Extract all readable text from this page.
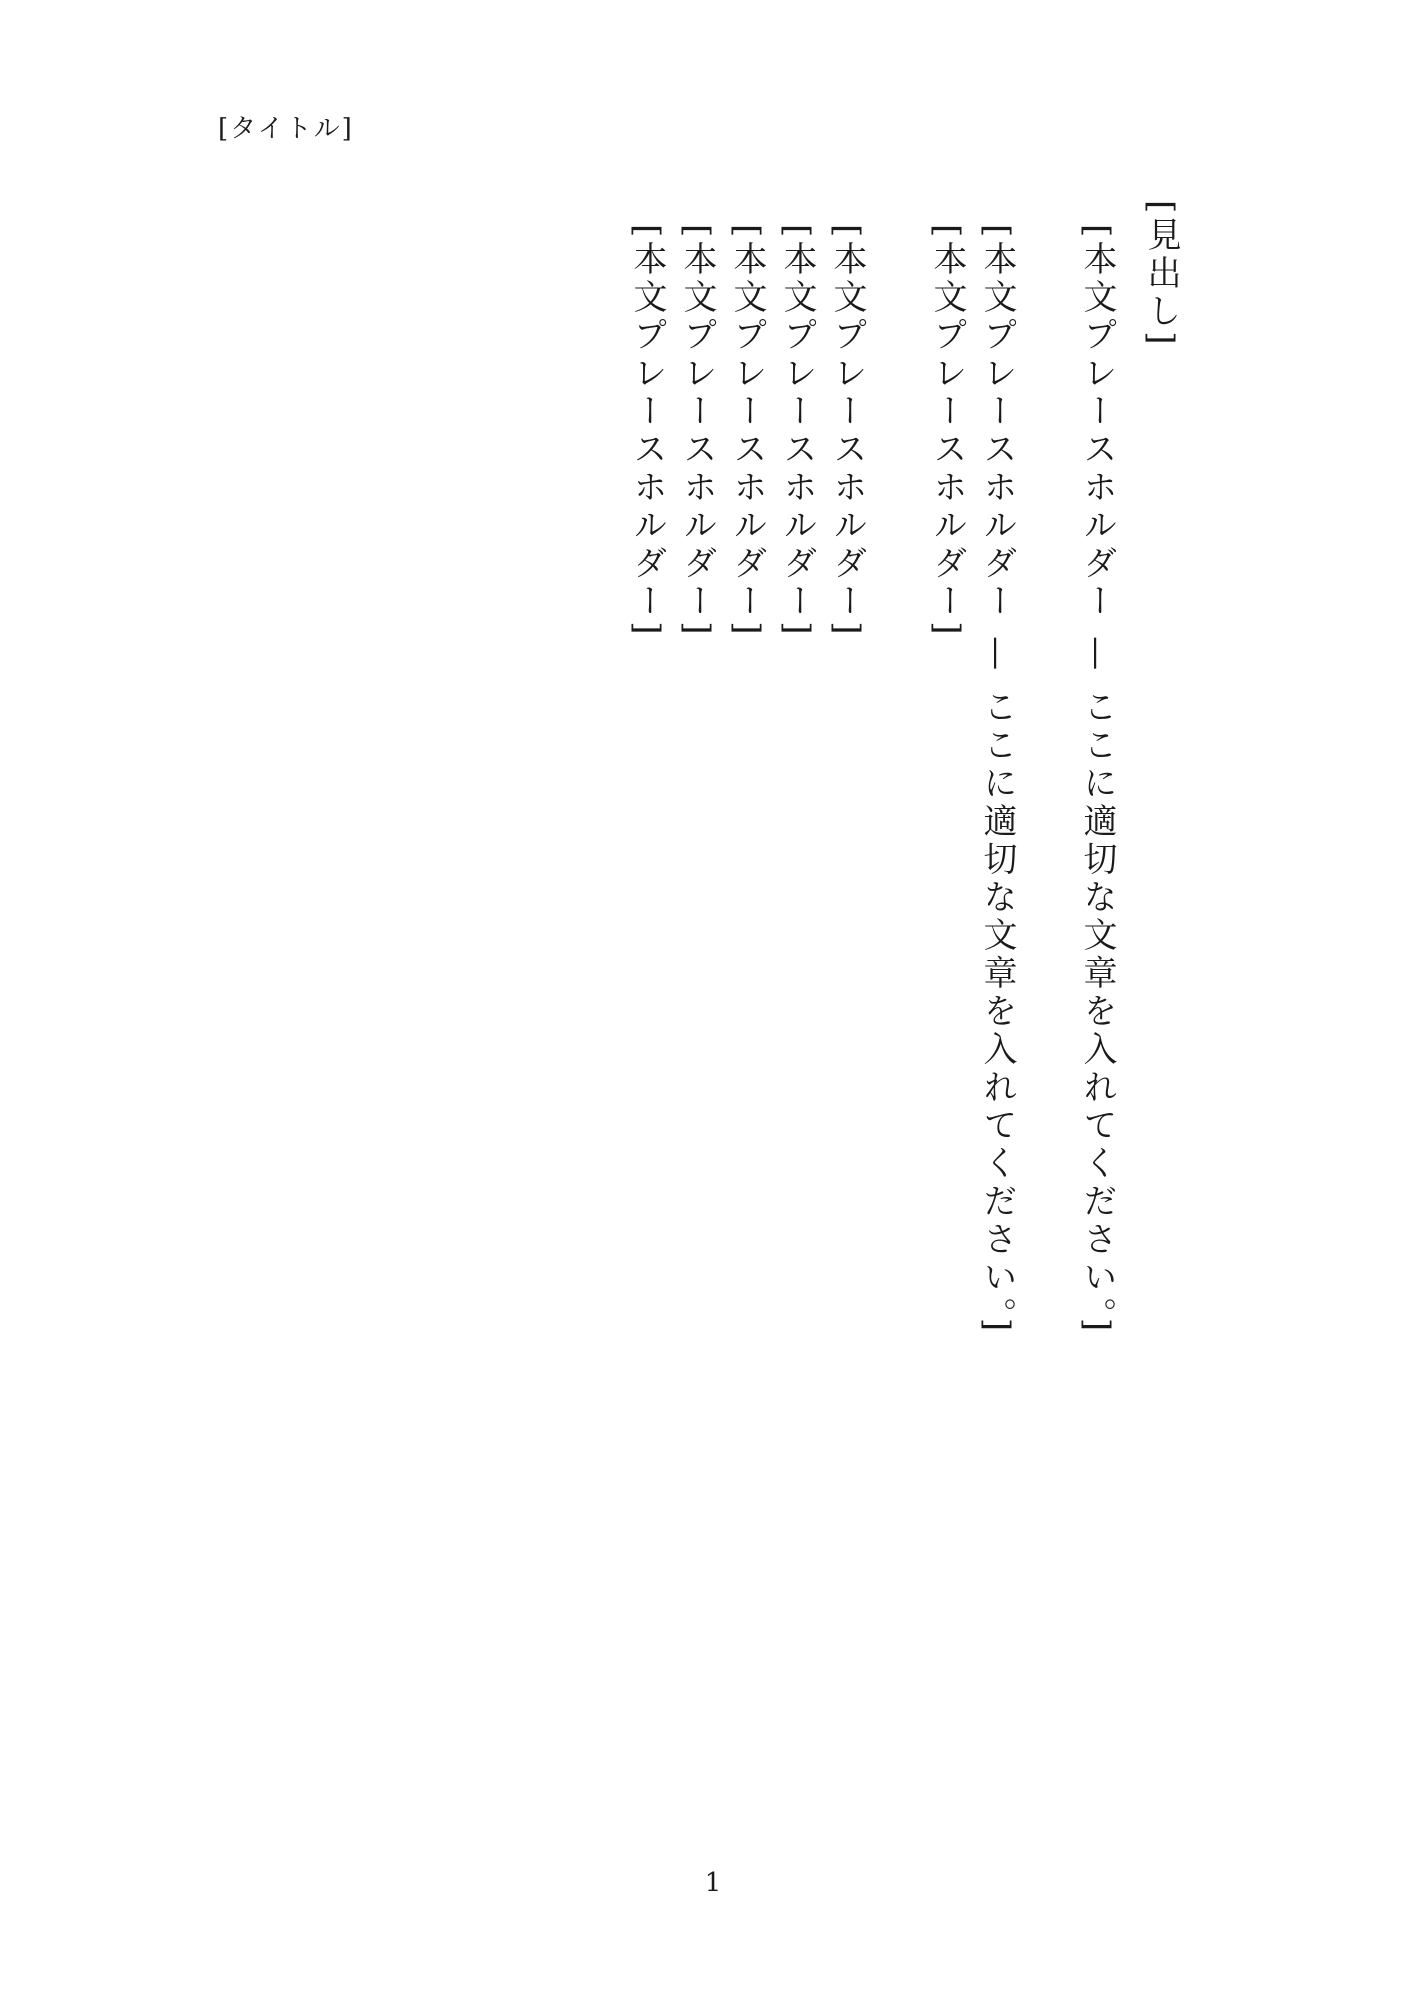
[タイトル]
[見出し]

[本文プレースホルダー — ここに適切な文章を入れてください。]

[本文プレースホルダー — ここに適切な文章を入れてください。]

[本文プレースホルダー]

[本文プレースホルダー]

[本文プレースホルダー]

[本文プレースホルダー]

[本文プレースホルダー]

[本文プレースホルダー]

1
